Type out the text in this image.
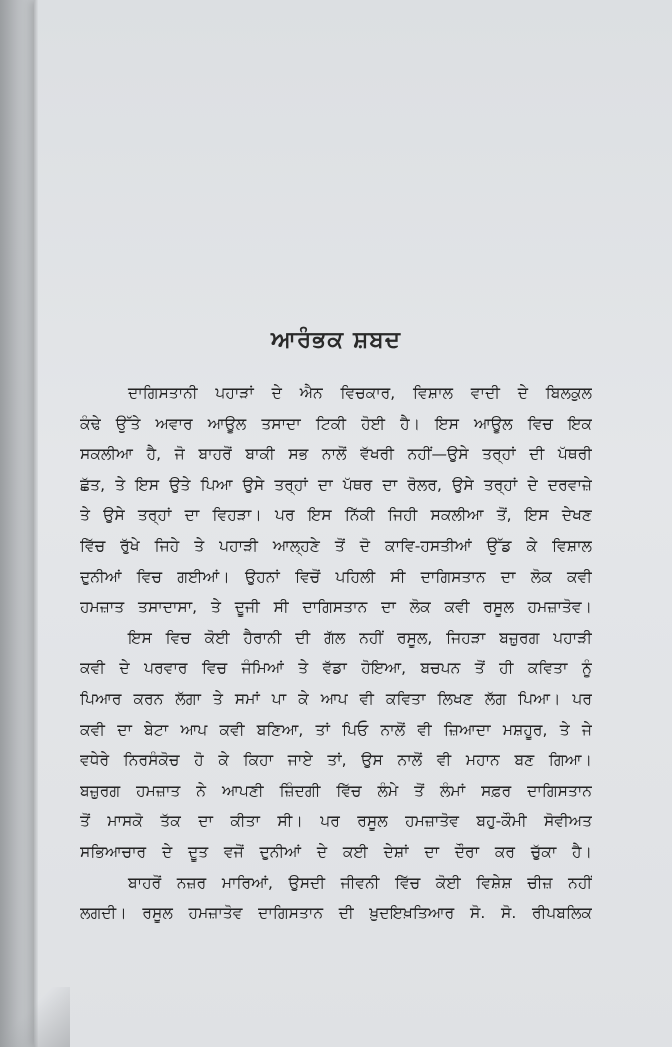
ਆਰੰਭਕ ਸ਼ਬਦ
ਦਾਗਿਸਤਾਨੀ ਪਹਾੜਾਂ ਦੇ ਐਨ ਵਿਚਕਾਰ, ਵਿਸ਼ਾਲ ਵਾਦੀ ਦੇ ਬਿਲਕੁਲ
ਕੰਢੇ ਉੱਤੇ ਅਵਾਰ ਆਊਲ ਤਸਾਦਾ ਟਿਕੀ ਹੋਈ ਹੈ। ਇਸ ਆਊਲ ਵਿਚ ਇਕ
ਸਕਲੀਆ ਹੈ, ਜੋ ਬਾਹਰੋਂ ਬਾਕੀ ਸਭ ਨਾਲੋਂ ਵੱਖਰੀ ਨਹੀਂ—ਉਸੇ ਤਰ੍ਹਾਂ ਦੀ ਪੱਥਰੀ
ਛੱਤ, ਤੇ ਇਸ ਉਤੇ ਪਿਆ ਉਸੇ ਤਰ੍ਹਾਂ ਦਾ ਪੱਥਰ ਦਾ ਰੋਲਰ, ਉਸੇ ਤਰ੍ਹਾਂ ਦੇ ਦਰਵਾਜ਼ੇ
ਤੇ ਉਸੇ ਤਰ੍ਹਾਂ ਦਾ ਵਿਹੜਾ। ਪਰ ਇਸ ਨਿੱਕੀ ਜਿਹੀ ਸਕਲੀਆ ਤੋਂ, ਇਸ ਦੇਖਣ
ਵਿੱਚ ਰੁੱਖੇ ਜਿਹੇ ਤੇ ਪਹਾੜੀ ਆਲ੍ਹਣੇ ਤੋਂ ਦੋ ਕਾਵਿ-ਹਸਤੀਆਂ ਉੱਡ ਕੇ ਵਿਸ਼ਾਲ
ਦੁਨੀਆਂ ਵਿਚ ਗਈਆਂ। ਉਹਨਾਂ ਵਿਚੋਂ ਪਹਿਲੀ ਸੀ ਦਾਗਿਸਤਾਨ ਦਾ ਲੋਕ ਕਵੀ
ਹਮਜ਼ਾਤ ਤਸਾਦਾਸਾ, ਤੇ ਦੂਜੀ ਸੀ ਦਾਗਿਸਤਾਨ ਦਾ ਲੋਕ ਕਵੀ ਰਸੂਲ ਹਮਜ਼ਾਤੋਵ।
ਇਸ ਵਿਚ ਕੋਈ ਹੈਰਾਨੀ ਦੀ ਗੱਲ ਨਹੀਂ ਰਸੂਲ, ਜਿਹੜਾ ਬਜ਼ੁਰਗ ਪਹਾੜੀ
ਕਵੀ ਦੇ ਪਰਵਾਰ ਵਿਚ ਜੰਮਿਆਂ ਤੇ ਵੱਡਾ ਹੋਇਆ, ਬਚਪਨ ਤੋਂ ਹੀ ਕਵਿਤਾ ਨੂੰ
ਪਿਆਰ ਕਰਨ ਲੱਗਾ ਤੇ ਸਮਾਂ ਪਾ ਕੇ ਆਪ ਵੀ ਕਵਿਤਾ ਲਿਖਣ ਲੱਗ ਪਿਆ। ਪਰ
ਕਵੀ ਦਾ ਬੇਟਾ ਆਪ ਕਵੀ ਬਣਿਆ, ਤਾਂ ਪਿਓ ਨਾਲੋਂ ਵੀ ਜ਼ਿਆਦਾ ਮਸ਼ਹੂਰ, ਤੇ ਜੇ
ਵਧੇਰੇ ਨਿਰਸੰਕੋਚ ਹੋ ਕੇ ਕਿਹਾ ਜਾਏ ਤਾਂ, ਉਸ ਨਾਲੋਂ ਵੀ ਮਹਾਨ ਬਣ ਗਿਆ।
ਬਜ਼ੁਰਗ ਹਮਜ਼ਾਤ ਨੇ ਆਪਣੀ ਜ਼ਿੰਦਗੀ ਵਿੱਚ ਲੰਮੇ ਤੋਂ ਲੰਮਾਂ ਸਫ਼ਰ ਦਾਗਿਸਤਾਨ
ਤੋਂ ਮਾਸਕੋ ਤੱਕ ਦਾ ਕੀਤਾ ਸੀ। ਪਰ ਰਸੂਲ ਹਮਜ਼ਾਤੋਵ ਬਹੁ-ਕੌਮੀ ਸੋਵੀਅਤ
ਸਭਿਆਚਾਰ ਦੇ ਦੂਤ ਵਜੋਂ ਦੁਨੀਆਂ ਦੇ ਕਈ ਦੇਸ਼ਾਂ ਦਾ ਦੌਰਾ ਕਰ ਚੁੱਕਾ ਹੈ।
ਬਾਹਰੋਂ ਨਜ਼ਰ ਮਾਰਿਆਂ, ਉਸਦੀ ਜੀਵਨੀ ਵਿੱਚ ਕੋਈ ਵਿਸ਼ੇਸ਼ ਚੀਜ਼ ਨਹੀਂ
ਲਗਦੀ। ਰਸੂਲ ਹਮਜ਼ਾਤੋਵ ਦਾਗਿਸਤਾਨ ਦੀ ਖ਼ੁਦਇਖ਼ਤਿਆਰ ਸੋ. ਸੋ. ਰੀਪਬਲਿਕ
